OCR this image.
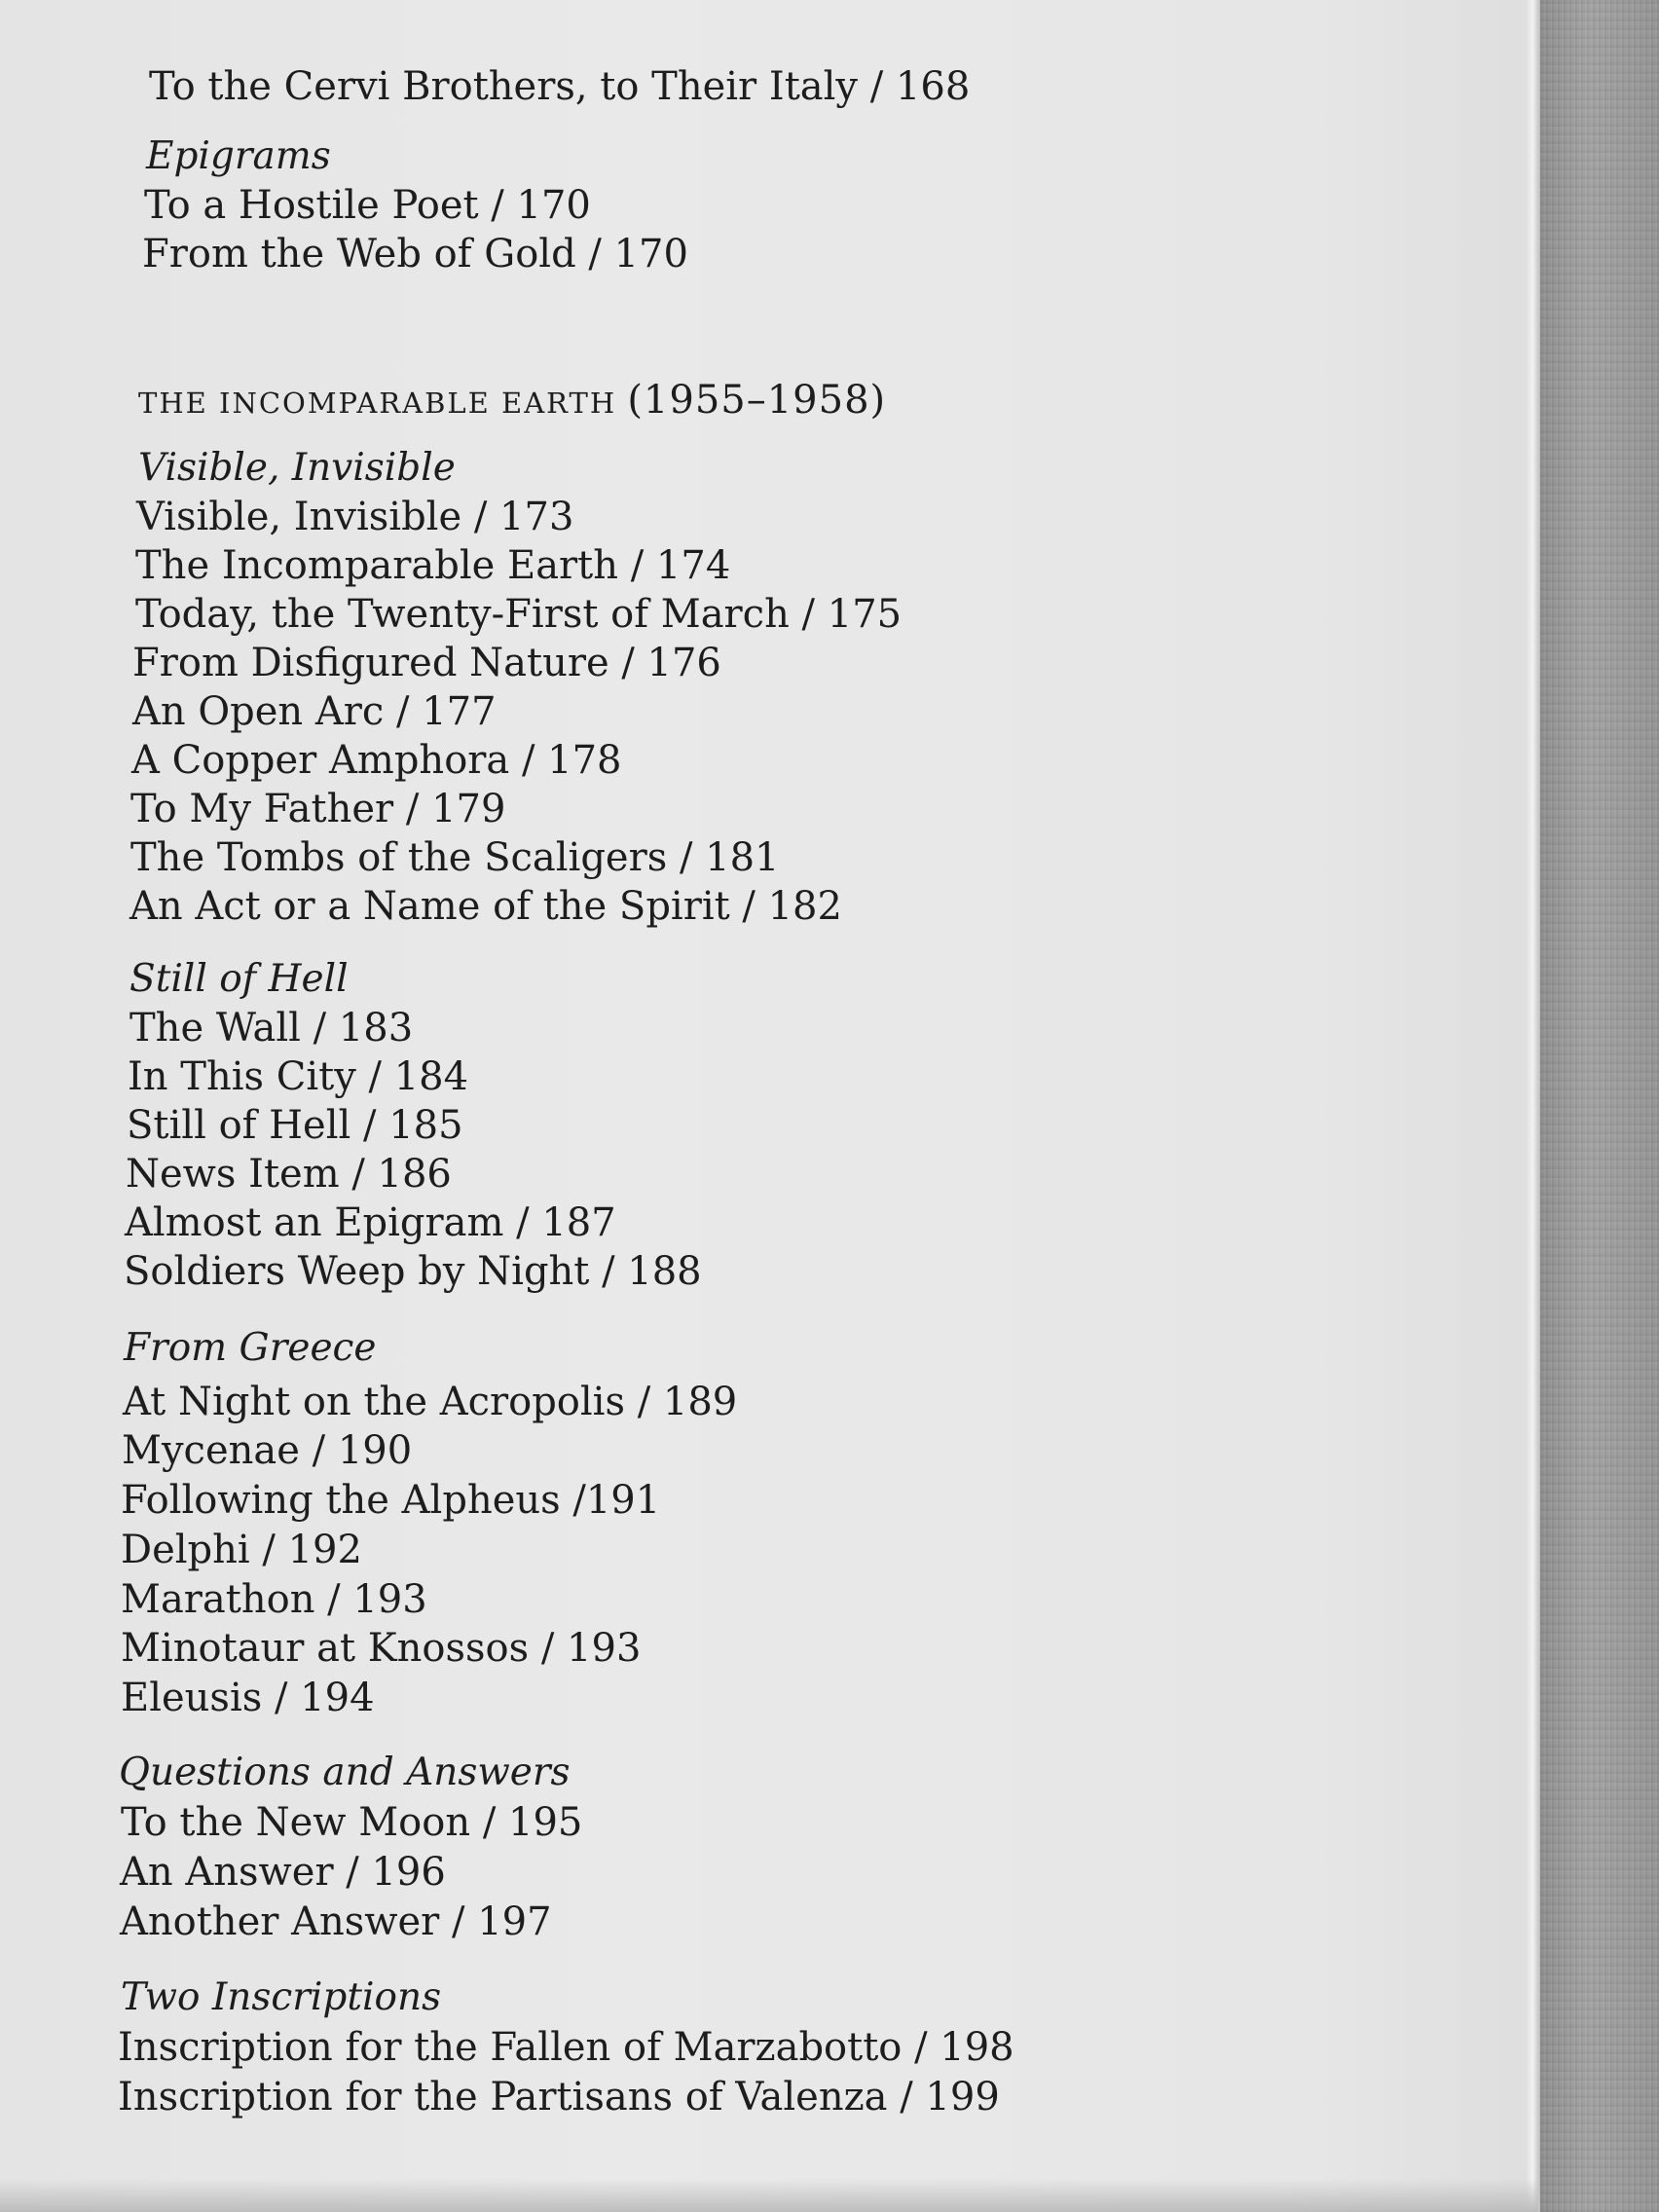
To the Cervi Brothers, to Their Italy / 168
Epigrams
To a Hostile Poet / 170
From the Web of Gold / 170
THE INCOMPARABLE EARTH (1955–1958)
Visible, Invisible
Visible, Invisible / 173
The Incomparable Earth / 174
Today, the Twenty-First of March / 175
From Disfigured Nature / 176
An Open Arc / 177
A Copper Amphora / 178
To My Father / 179
The Tombs of the Scaligers / 181
An Act or a Name of the Spirit / 182
Still of Hell
The Wall / 183
In This City / 184
Still of Hell / 185
News Item / 186
Almost an Epigram / 187
Soldiers Weep by Night / 188
From Greece
At Night on the Acropolis / 189
Mycenae / 190
Following the Alpheus /191
Delphi / 192
Marathon / 193
Minotaur at Knossos / 193
Eleusis / 194
Questions and Answers
To the New Moon / 195
An Answer / 196
Another Answer / 197
Two Inscriptions
Inscription for the Fallen of Marzabotto / 198
Inscription for the Partisans of Valenza / 199
